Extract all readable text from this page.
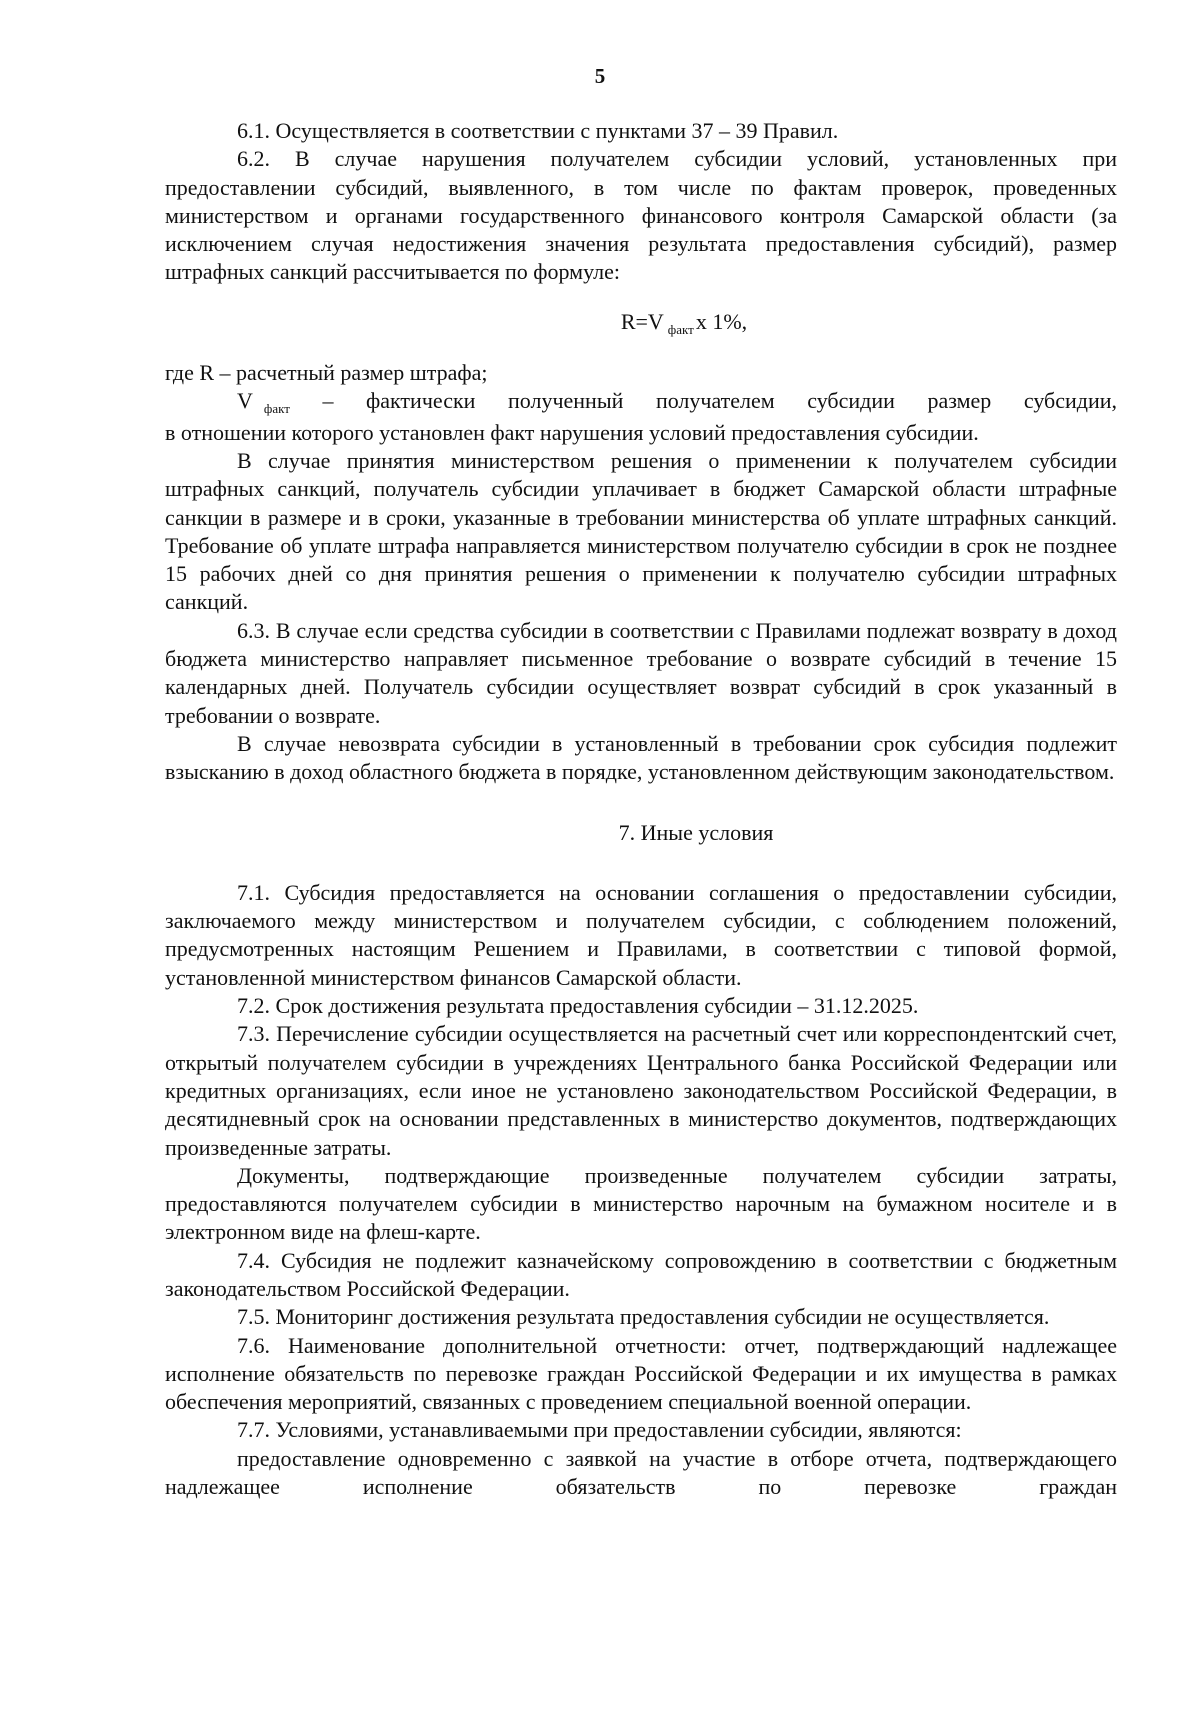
5

6.1. Осуществляется в соответствии с пунктами 37 – 39 Правил.

6.2. В случае нарушения получателем субсидии условий, установленных при предоставлении субсидий, выявленного, в том числе по фактам проверок, проведенных министерством и органами государственного финансового контроля Самарской области (за исключением случая недостижения значения результата предоставления субсидий), размер штрафных санкций рассчитывается по формуле:

R=V $_{факт}$x 1%,

где R – расчетный размер штрафа;

V $_{факт}$ – фактически полученный получателем субсидии размер субсидии,

в отношении которого установлен факт нарушения условий предоставления субсидии.

В случае принятия министерством решения о применении к получателем субсидии штрафных санкций, получатель субсидии уплачивает в бюджет Самарской области штрафные санкции в размере и в сроки, указанные в требовании министерства об уплате штрафных санкций. Требование об уплате штрафа направляется министерством получателю субсидии в срок не позднее 15 рабочих дней со дня принятия решения о применении к получателю субсидии штрафных санкций.

6.3. В случае если средства субсидии в соответствии с Правилами подлежат возврату в доход бюджета министерство направляет письменное требование о возврате субсидий в течение 15 календарных дней. Получатель субсидии осуществляет возврат субсидий в срок указанный в требовании о возврате.

В случае невозврата субсидии в установленный в требовании срок субсидия подлежит взысканию в доход областного бюджета в порядке, установленном действующим законодательством.

7. Иные условия

7.1. Субсидия предоставляется на основании соглашения о предоставлении субсидии, заключаемого между министерством и получателем субсидии, с соблюдением положений, предусмотренных настоящим Решением и Правилами, в соответствии с типовой формой, установленной министерством финансов Самарской области.

7.2. Срок достижения результата предоставления субсидии – 31.12.2025.

7.3. Перечисление субсидии осуществляется на расчетный счет или корреспондентский счет, открытый получателем субсидии в учреждениях Центрального банка Российской Федерации или кредитных организациях, если иное не установлено законодательством Российской Федерации, в десятидневный срок на основании представленных в министерство документов, подтверждающих произведенные затраты.

Документы, подтверждающие произведенные получателем субсидии затраты, предоставляются получателем субсидии в министерство нарочным на бумажном носителе и в электронном виде на флеш-карте.

7.4. Субсидия не подлежит казначейскому сопровождению в соответствии с бюджетным законодательством Российской Федерации.

7.5. Мониторинг достижения результата предоставления субсидии не осуществляется.

7.6. Наименование дополнительной отчетности: отчет, подтверждающий надлежащее исполнение обязательств по перевозке граждан Российской Федерации и их имущества в рамках обеспечения мероприятий, связанных с проведением специальной военной операции.

7.7. Условиями, устанавливаемыми при предоставлении субсидии, являются:

предоставление одновременно с заявкой на участие в отборе отчета, подтверждающего надлежащее исполнение обязательств по перевозке граждан
